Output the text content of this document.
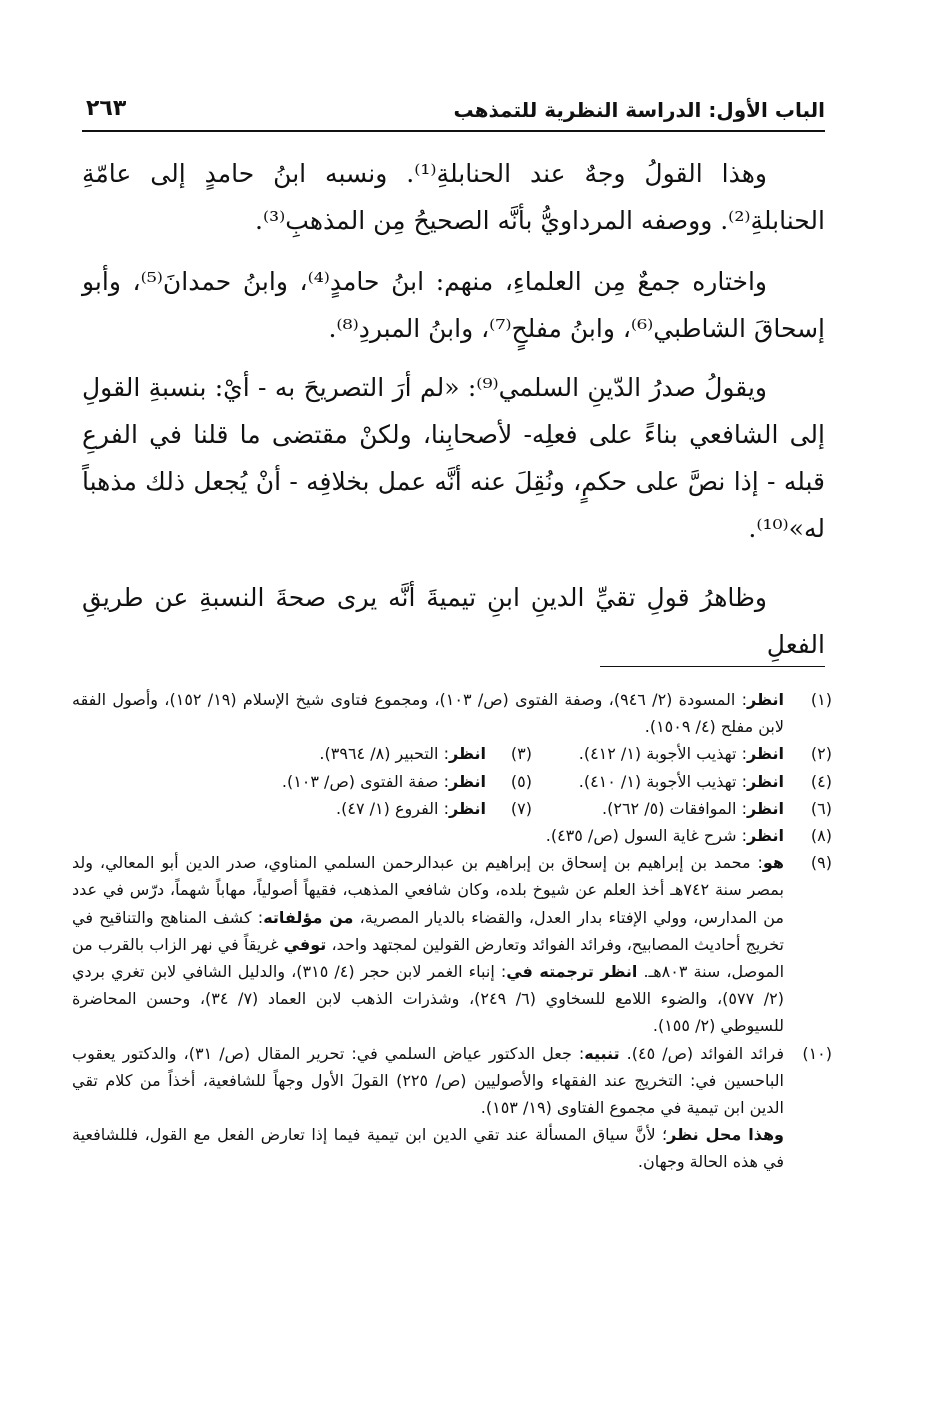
الباب الأول: الدراسة النظرية للتمذهب
٢٦٣

وهذا القولُ وجهٌ عند الحنابلةِ⁽¹⁾. ونسبه ابنُ حامدٍ إلى عامّةِ الحنابلةِ⁽²⁾. ووصفه المرداويُّ بأنَّه الصحيحُ مِن المذهبِ⁽³⁾.

واختاره جمعٌ مِن العلماءِ، منهم: ابنُ حامدٍ⁽⁴⁾، وابنُ حمدانَ⁽⁵⁾، وأبو إسحاقَ الشاطبي⁽⁶⁾، وابنُ مفلحٍ⁽⁷⁾، وابنُ المبردِ⁽⁸⁾.

ويقولُ صدرُ الدّينِ السلمي⁽⁹⁾: «لم أرَ التصريحَ به - أيْ: بنسبةِ القولِ إلى الشافعي بناءً على فعلِه- لأصحابِنا، ولكنْ مقتضى ما قلنا في الفرعِ قبله - إذا نصَّ على حكمٍ، ونُقِلَ عنه أنَّه عمل بخلافِه - أنْ يُجعل ذلك مذهباً له»⁽¹⁰⁾.

وظاهرُ قولِ تقيِّ الدينِ ابنِ تيميةَ أنَّه يرى صحةَ النسبةِ عن طريقِ الفعلِ

(١)
انظر: المسودة (٢/ ٩٤٦)، وصفة الفتوى (ص/ ١٠٣)، ومجموع فتاوى شيخ الإسلام (١٩/ ١٥٢)، وأصول الفقه لابن مفلح (٤/ ١٥٠٩).
(٢)
انظر: تهذيب الأجوبة (١/ ٤١٢).
(٣)
انظر: التحبير (٨/ ٣٩٦٤).
(٤)
انظر: تهذيب الأجوبة (١/ ٤١٠).
(٥)
انظر: صفة الفتوى (ص/ ١٠٣).
(٦)
انظر: الموافقات (٥/ ٢٦٢).
(٧)
انظر: الفروع (١/ ٤٧).
(٨)
انظر: شرح غاية السول (ص/ ٤٣٥).
(٩)
هو: محمد بن إبراهيم بن إسحاق بن إبراهيم بن عبدالرحمن السلمي المناوي، صدر الدين أبو المعالي، ولد بمصر سنة ٧٤٢هـ أخذ العلم عن شيوخ بلده، وكان شافعي المذهب، فقيهاً أصولياً، مهاباً شهماً، درّس في عدد من المدارس، وولي الإفتاء بدار العدل، والقضاء بالديار المصرية، من مؤلفاته: كشف المناهج والتناقيح في تخريج أحاديث المصابيح، وفرائد الفوائد وتعارض القولين لمجتهد واحد، توفي غريقاً في نهر الزاب بالقرب من الموصل، سنة ٨٠٣هـ. انظر ترجمته في: إنباء الغمر لابن حجر (٤/ ٣١٥)، والدليل الشافي لابن تغري بردي (٢/ ٥٧٧)، والضوء اللامع للسخاوي (٦/ ٢٤٩)، وشذرات الذهب لابن العماد (٧/ ٣٤)، وحسن المحاضرة للسيوطي (٢/ ١٥٥).
(١٠)
فرائد الفوائد (ص/ ٤٥). تنبيه: جعل الدكتور عياض السلمي في: تحرير المقال (ص/ ٣١)، والدكتور يعقوب الباحسين في: التخريج عند الفقهاء والأصوليين (ص/ ٢٢٥) القولَ الأول وجهاً للشافعية، أخذاً من كلام تقي الدين ابن تيمية في مجموع الفتاوى (١٩/ ١٥٣).
وهذا محل نظر؛ لأنَّ سياق المسألة عند تقي الدين ابن تيمية فيما إذا تعارض الفعل مع القول، فللشافعية في هذه الحالة وجهان.
